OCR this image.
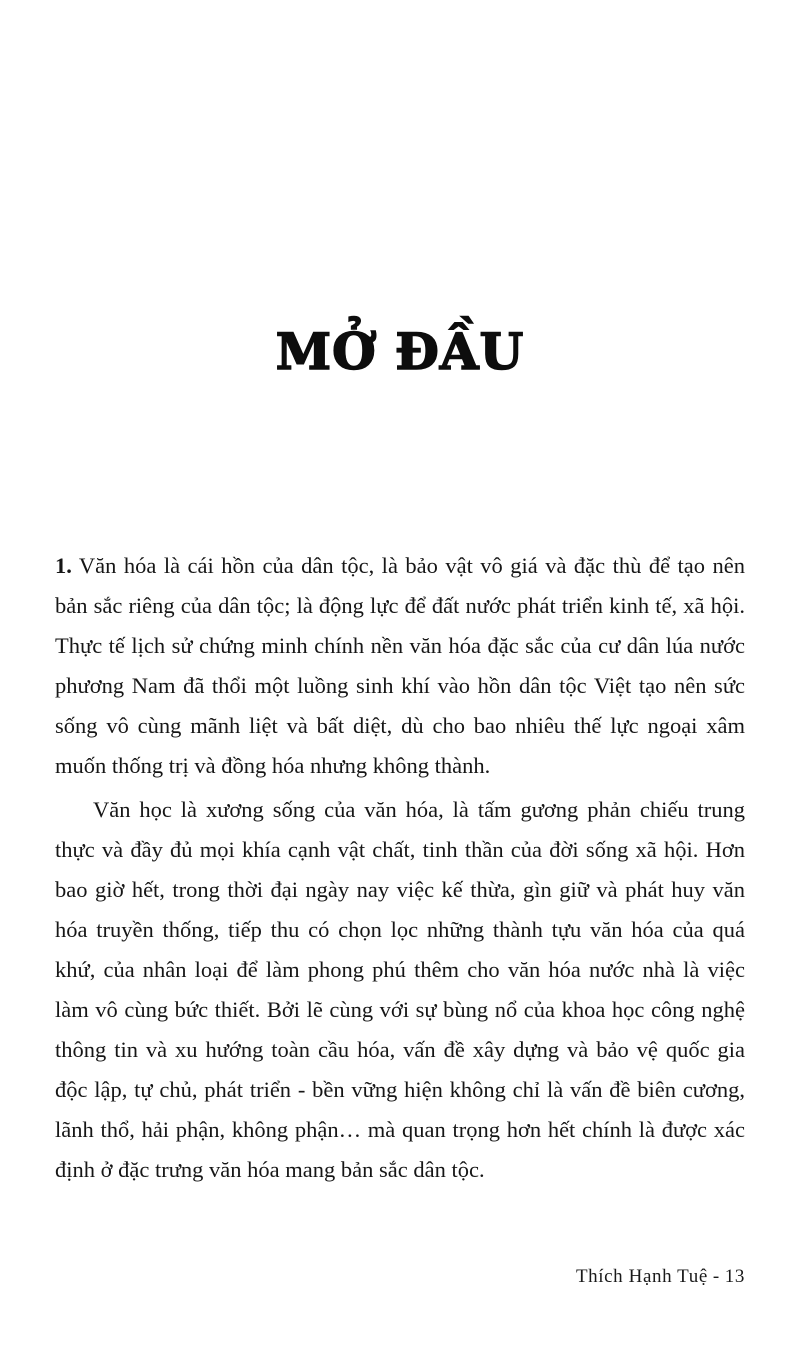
MỞ ĐẦU

1. Văn hóa là cái hồn của dân tộc, là bảo vật vô giá và đặc thù để tạo nên bản sắc riêng của dân tộc; là động lực để đất nước phát triển kinh tế, xã hội. Thực tế lịch sử chứng minh chính nền văn hóa đặc sắc của cư dân lúa nước phương Nam đã thổi một luồng sinh khí vào hồn dân tộc Việt tạo nên sức sống vô cùng mãnh liệt và bất diệt, dù cho bao nhiêu thế lực ngoại xâm muốn thống trị và đồng hóa nhưng không thành.

Văn học là xương sống của văn hóa, là tấm gương phản chiếu trung thực và đầy đủ mọi khía cạnh vật chất, tinh thần của đời sống xã hội. Hơn bao giờ hết, trong thời đại ngày nay việc kế thừa, gìn giữ và phát huy văn hóa truyền thống, tiếp thu có chọn lọc những thành tựu văn hóa của quá khứ, của nhân loại để làm phong phú thêm cho văn hóa nước nhà là việc làm vô cùng bức thiết. Bởi lẽ cùng với sự bùng nổ của khoa học công nghệ thông tin và xu hướng toàn cầu hóa, vấn đề xây dựng và bảo vệ quốc gia độc lập, tự chủ, phát triển - bền vững hiện không chỉ là vấn đề biên cương, lãnh thổ, hải phận, không phận… mà quan trọng hơn hết chính là được xác định ở đặc trưng văn hóa mang bản sắc dân tộc.

Thích Hạnh Tuệ - 13
